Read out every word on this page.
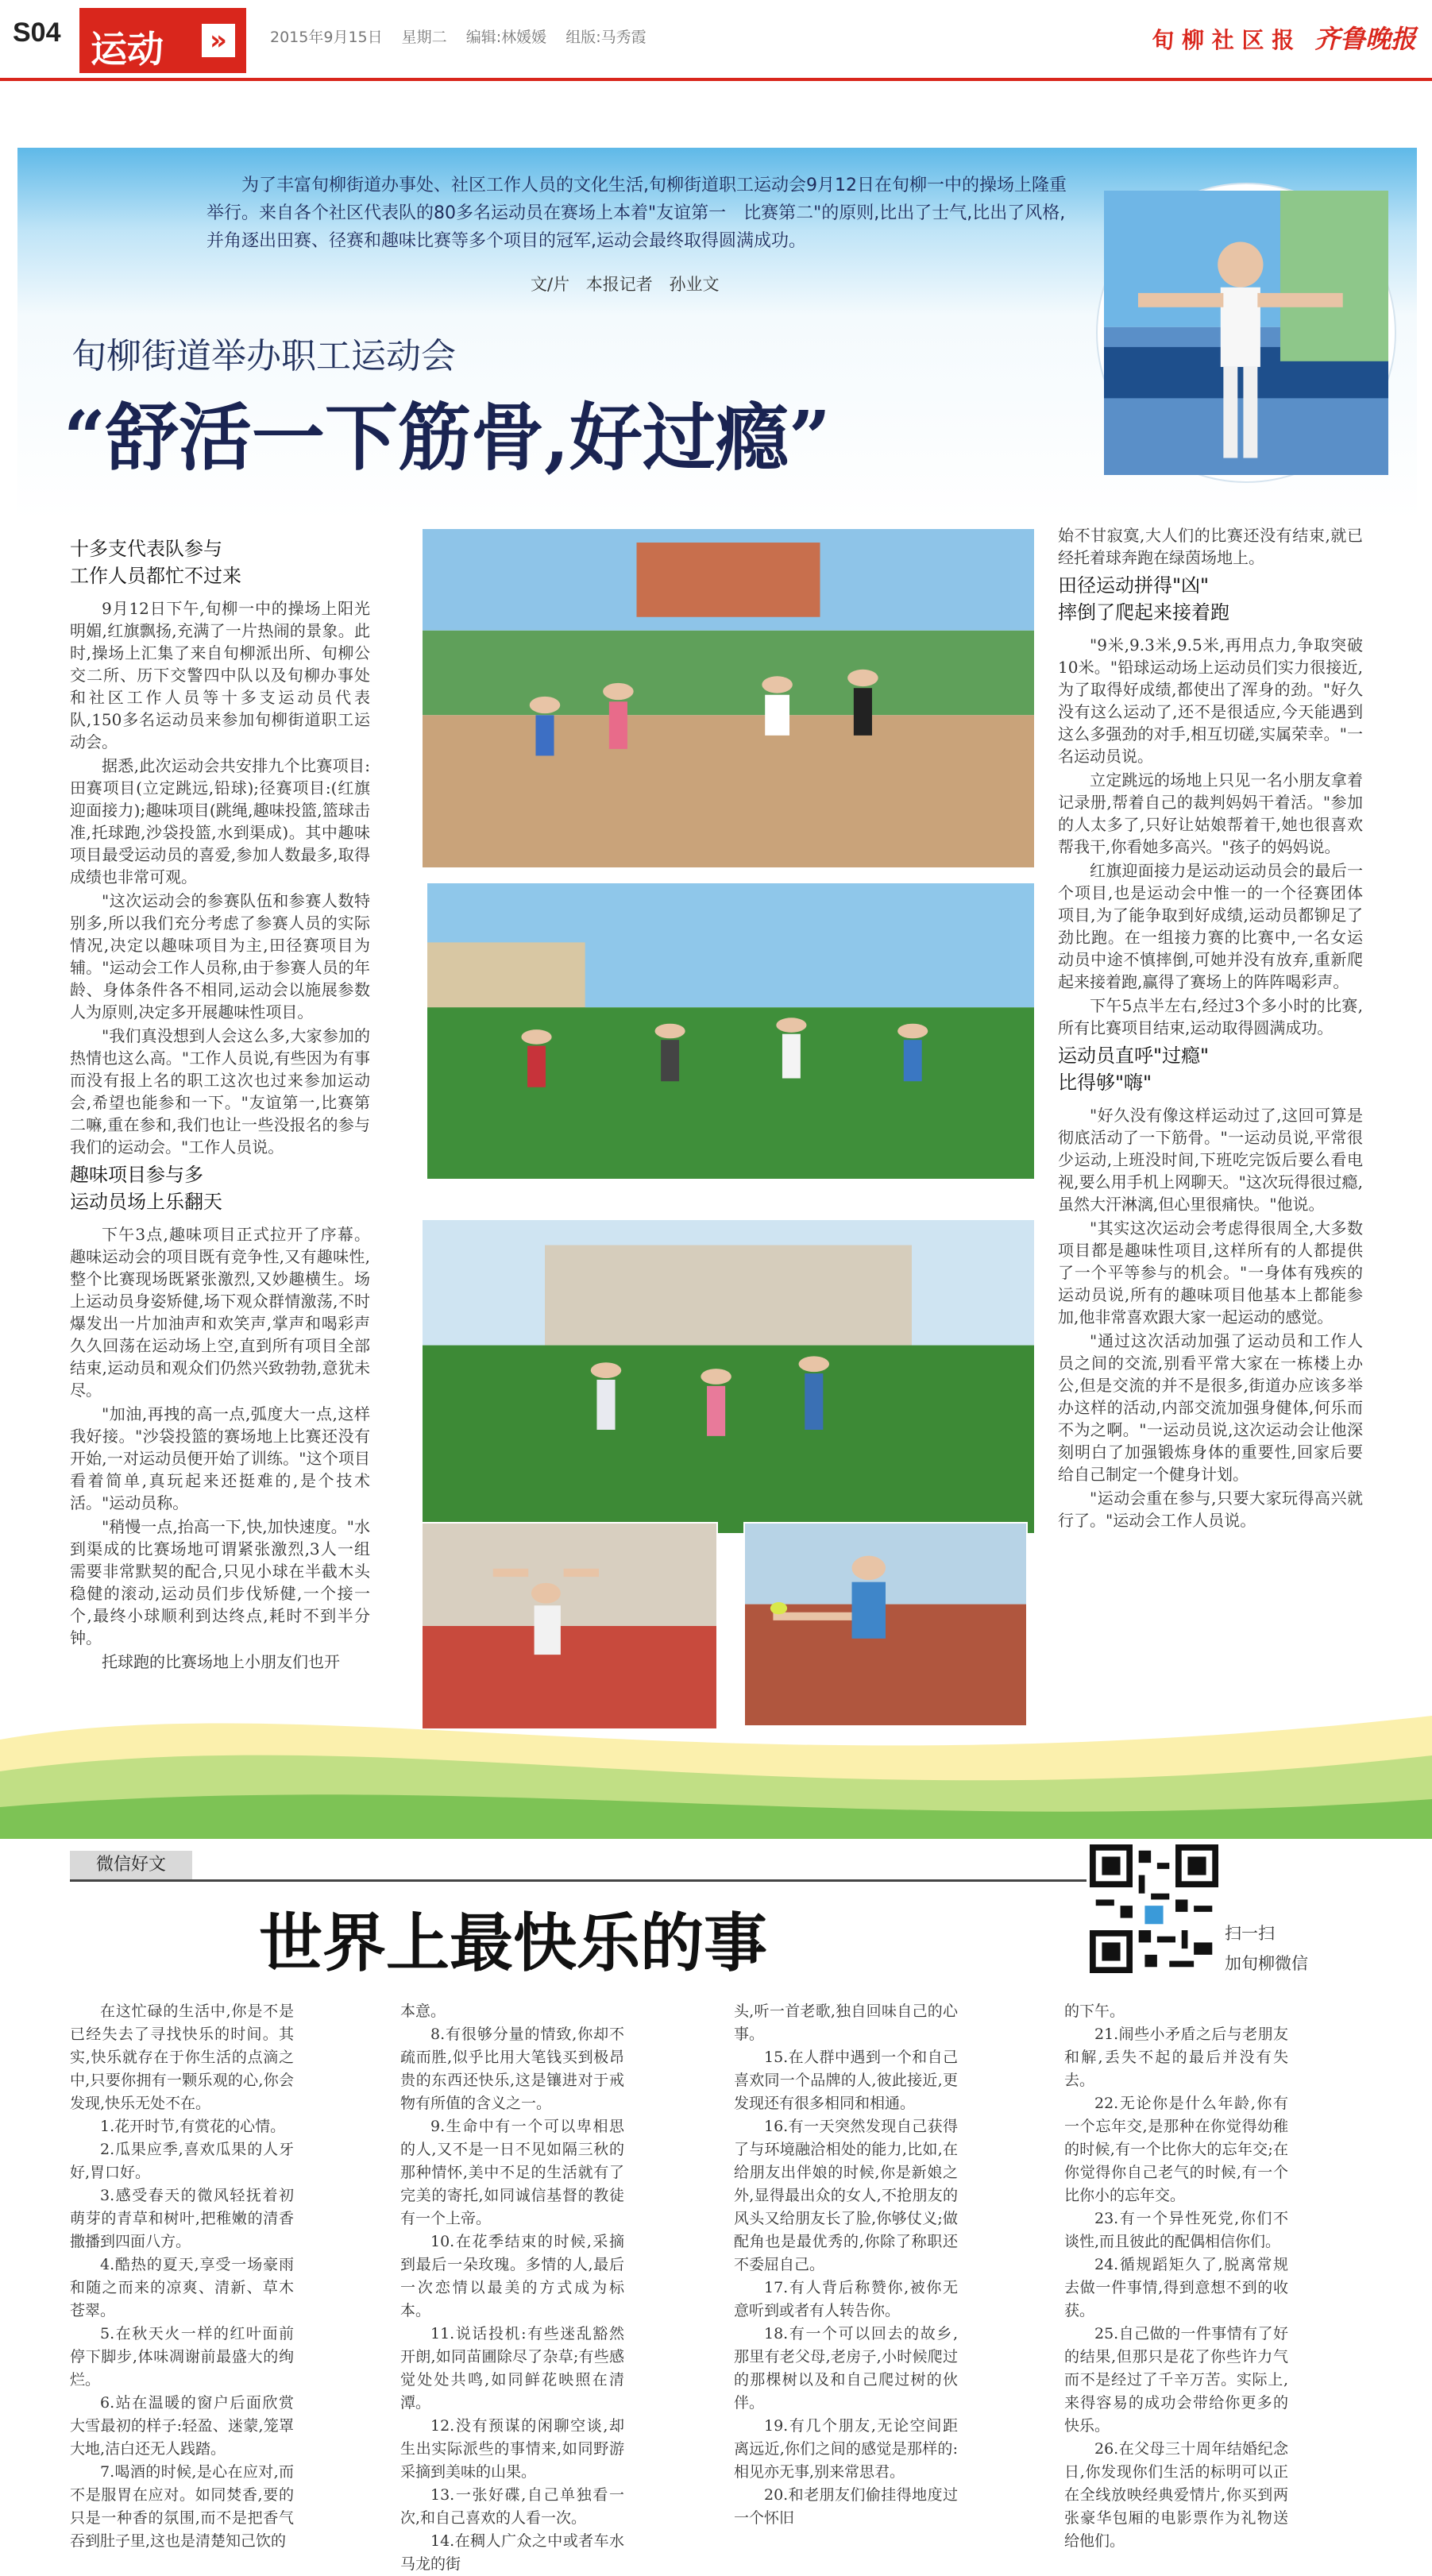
S04 运动 »	2015年9月15日 星期二 编辑:林媛媛 组版:马秀霞	旬 柳 社 区 报 齐鲁晚报

为了丰富旬柳街道办事处、社区工作人员的文化生活,旬柳街道职工运动会9月12日在旬柳一中的操场上隆重举行。来自各个社区代表队的80多名运动员在赛场上本着"友谊第一　比赛第二"的原则,比出了士气,比出了风格,并角逐出田赛、径赛和趣味比赛等多个项目的冠军,运动会最终取得圆满成功。

文/片 本报记者 孙业文
旬柳街道举办职工运动会
“舒活一下筋骨,好过瘾”
十多支代表队参与
工作人员都忙不过来

9月12日下午,旬柳一中的操场上阳光明媚,红旗飘扬,充满了一片热闹的景象。此时,操场上汇集了来自旬柳派出所、旬柳公交二所、历下交警四中队以及旬柳办事处和社区工作人员等十多支运动员代表队,150多名运动员来参加旬柳街道职工运动会。

据悉,此次运动会共安排九个比赛项目:田赛项目(立定跳远,铅球);径赛项目:(红旗迎面接力);趣味项目(跳绳,趣味投篮,篮球击准,托球跑,沙袋投篮,水到渠成)。其中趣味项目最受运动员的喜爱,参加人数最多,取得成绩也非常可观。

"这次运动会的参赛队伍和参赛人数特别多,所以我们充分考虑了参赛人员的实际情况,决定以趣味项目为主,田径赛项目为辅。"运动会工作人员称,由于参赛人员的年龄、身体条件各不相同,运动会以施展参数人为原则,决定多开展趣味性项目。

"我们真没想到人会这么多,大家参加的热情也这么高。"工作人员说,有些因为有事而没有报上名的职工这次也过来参加运动会,希望也能参和一下。"友谊第一,比赛第二嘛,重在参和,我们也让一些没报名的参与我们的运动会。"工作人员说。

趣味项目参与多
运动员场上乐翻天

下午3点,趣味项目正式拉开了序幕。趣味运动会的项目既有竞争性,又有趣味性,整个比赛现场既紧张激烈,又妙趣横生。场上运动员身姿矫健,场下观众群情激荡,不时爆发出一片加油声和欢笑声,掌声和喝彩声久久回荡在运动场上空,直到所有项目全部结束,运动员和观众们仍然兴致勃勃,意犹未尽。

"加油,再拽的高一点,弧度大一点,这样我好接。"沙袋投篮的赛场地上比赛还没有开始,一对运动员便开始了训练。"这个项目看着简单,真玩起来还挺难的,是个技术活。"运动员称。

"稍慢一点,抬高一下,快,加快速度。"水到渠成的比赛场地可谓紧张激烈,3人一组需要非常默契的配合,只见小球在半截木头稳健的滚动,运动员们步伐矫健,一个接一个,最终小球顺利到达终点,耗时不到半分钟。

托球跑的比赛场地上小朋友们也开

始不甘寂寞,大人们的比赛还没有结束,就已经托着球奔跑在绿茵场地上。

田径运动拼得"凶"
摔倒了爬起来接着跑

"9米,9.3米,9.5米,再用点力,争取突破10米。"铅球运动场上运动员们实力很接近,为了取得好成绩,都使出了浑身的劲。"好久没有这么运动了,还不是很适应,今天能遇到这么多强劲的对手,相互切磋,实属荣幸。"一名运动员说。

立定跳远的场地上只见一名小朋友拿着记录册,帮着自己的裁判妈妈干着活。"参加的人太多了,只好让姑娘帮着干,她也很喜欢帮我干,你看她多高兴。"孩子的妈妈说。

红旗迎面接力是运动运动员会的最后一个项目,也是运动会中惟一的一个径赛团体项目,为了能争取到好成绩,运动员都铆足了劲比跑。在一组接力赛的比赛中,一名女运动员中途不慎摔倒,可她并没有放弃,重新爬起来接着跑,赢得了赛场上的阵阵喝彩声。

下午5点半左右,经过3个多小时的比赛,所有比赛项目结束,运动取得圆满成功。

运动员直呼"过瘾"
比得够"嗨"

"好久没有像这样运动过了,这回可算是彻底活动了一下筋骨。"一运动员说,平常很少运动,上班没时间,下班吃完饭后要么看电视,要么用手机上网聊天。"这次玩得很过瘾,虽然大汗淋漓,但心里很痛快。"他说。

"其实这次运动会考虑得很周全,大多数项目都是趣味性项目,这样所有的人都提供了一个平等参与的机会。"一身体有残疾的运动员说,所有的趣味项目他基本上都能参加,他非常喜欢跟大家一起运动的感觉。

"通过这次活动加强了运动员和工作人员之间的交流,别看平常大家在一栋楼上办公,但是交流的并不是很多,街道办应该多举办这样的活动,内部交流加强身健体,何乐而不为之啊。"一运动员说,这次运动会让他深刻明白了加强锻炼身体的重要性,回家后要给自己制定一个健身计划。

"运动会重在参与,只要大家玩得高兴就行了。"运动会工作人员说。

微信好文
世界上最快乐的事	扫一扫
加旬柳微信

在这忙碌的生活中,你是不是已经失去了寻找快乐的时间。其实,快乐就存在于你生活的点滴之中,只要你拥有一颗乐观的心,你会发现,快乐无处不在。

1.花开时节,有赏花的心情。

2.瓜果应季,喜欢瓜果的人牙好,胃口好。

3.感受春天的微风轻抚着初萌芽的青草和树叶,把稚嫩的清香撒播到四面八方。

4.酷热的夏天,享受一场豪雨和随之而来的凉爽、清新、草木苍翠。

5.在秋天火一样的红叶面前停下脚步,体味凋谢前最盛大的绚烂。

6.站在温暖的窗户后面欣赏大雪最初的样子:轻盈、迷蒙,笼罩大地,洁白还无人践踏。

7.喝酒的时候,是心在应对,而不是服胃在应对。如同焚香,要的只是一种香的氛围,而不是把香气吞到肚子里,这也是清楚知己饮的

本意。

8.有很够分量的情致,你却不疏而胜,似乎比用大笔钱买到极昂贵的东西还快乐,这是镶进对于戒物有所值的含义之一。

9.生命中有一个可以卑相思的人,又不是一日不见如隔三秋的那种情怀,美中不足的生活就有了完美的寄托,如同诚信基督的教徒有一个上帝。

10.在花季结束的时候,采摘到最后一朵玫瑰。多情的人,最后一次恋情以最美的方式成为标本。

11.说话投机:有些迷乱豁然开朗,如同苗圃除尽了杂草;有些感觉处处共鸣,如同鲜花映照在清潭。

12.没有预谋的闲聊空谈,却生出实际派些的事情来,如同野游采摘到美味的山果。

13.一张好碟,自己单独看一次,和自己喜欢的人看一次。

14.在稠人广众之中或者车水马龙的街

头,听一首老歌,独自回味自己的心事。

15.在人群中遇到一个和自己喜欢同一个品牌的人,彼此接近,更发现还有很多相同和相通。

16.有一天突然发现自己获得了与环境融洽相处的能力,比如,在给朋友出伴娘的时候,你是新娘之外,显得最出众的女人,不抢朋友的风头又给朋友长了脸,你够仗义;做配角也是最优秀的,你除了称职还不委屈自己。

17.有人背后称赞你,被你无意听到或者有人转告你。

18.有一个可以回去的故乡,那里有老父母,老房子,小时候爬过的那棵树以及和自己爬过树的伙伴。

19.有几个朋友,无论空间距离远近,你们之间的感觉是那样的:相见亦无事,别来常思君。

20.和老朋友们偷挂得地度过一个怀旧

的下午。

21.闹些小矛盾之后与老朋友和解,丢失不起的最后并没有失去。

22.无论你是什么年龄,你有一个忘年交,是那种在你觉得幼稚的时候,有一个比你大的忘年交;在你觉得你自己老气的时候,有一个比你小的忘年交。

23.有一个异性死党,你们不谈性,而且彼此的配偶相信你们。

24.循规蹈矩久了,脱离常规去做一件事情,得到意想不到的收获。

25.自己做的一件事情有了好的结果,但那只是花了你些许力气而不是经过了千辛万苦。实际上,来得容易的成功会带给你更多的快乐。

26.在父母三十周年结婚纪念日,你发现你们生活的标明可以正在全线放映经典爱情片,你买到两张豪华包厢的电影票作为礼物送给他们。
